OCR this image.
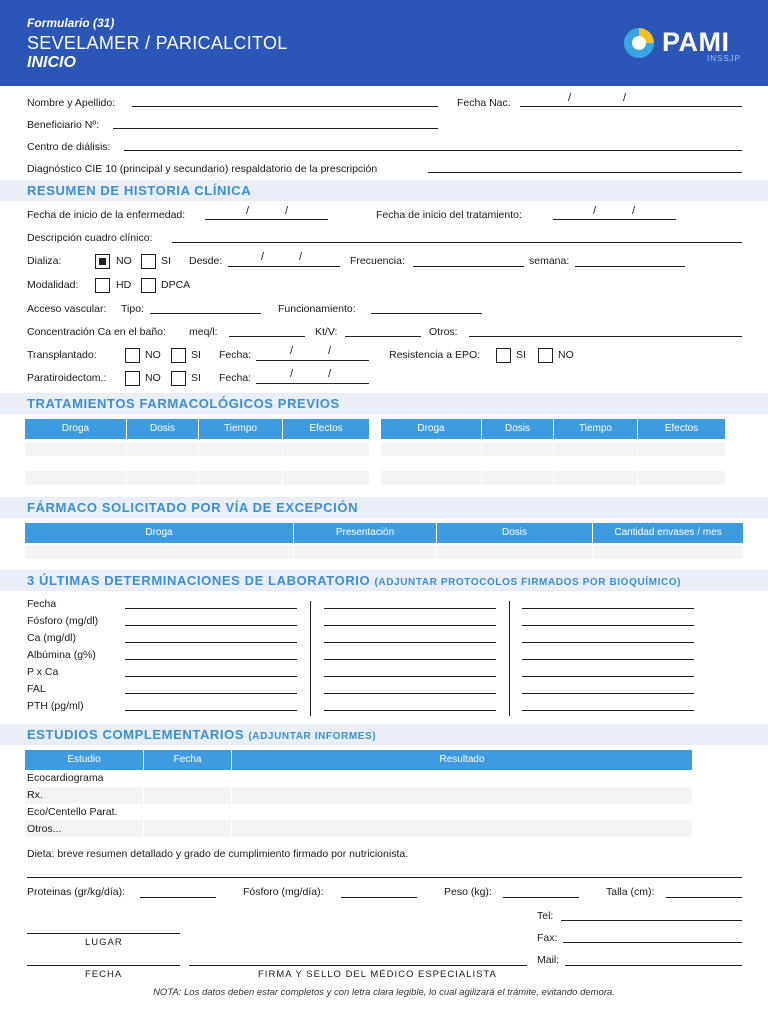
Formulario (31)
SEVELAMER / PARICALCITOL
INICIO
PAMI
INSSJP
Nombre y Apellido:	Fecha Nac.	/	/
Beneficiario Nº:
Centro de diálisis:
Diagnóstico CIE 10 (principal y secundario) respaldatorio de la prescripción
RESUMEN DE HISTORIA CLÍNICA
Fecha de inicio de la enfermedad:	/	/	Fecha de inicio del tratamiento:	/	/
Descripción cuadro clínico:
Dializa:	NO	SI Desde:	/	/	Frecuencia:	semana:
Modalidad:	HD	DPCA
Acceso vascular: Tipo:	Funcionamiento:
Concentración Ca en el baño: meq/l:	Kt/V:	Otros:
Transplantado:	NO	SI Fecha:	/	/	Resistencia a EPO:	SI	NO
Paratiroidectom.:	NO	SI Fecha:	/	/
TRATAMIENTOS FARMACOLÓGICOS PREVIOS
Droga	Dosis	Tiempo	Efectos	Droga	Dosis	Tiempo	Efectos
FÁRMACO SOLICITADO POR VÍA DE EXCEPCIÓN
Droga	Presentación	Dosis	Cantidad envases / mes
3 ÚLTIMAS DETERMINACIONES DE LABORATORIO (ADJUNTAR PROTOCOLOS FIRMADOS POR BIOQUÍMICO)
Fecha
Fósforo (mg/dl)
Ca (mg/dl)
Albúmina (g%)
P x Ca
FAL
PTH (pg/ml)
ESTUDIOS COMPLEMENTARIOS (ADJUNTAR INFORMES)
Estudio	Fecha	Resultado
Ecocardiograma
Rx.
Eco/Centello Parat.
Otros...
Dieta: breve resumen detallado y grado de cumplimiento firmado por nutricionista.
Proteinas (gr/kg/día):	Fósforo (mg/día):	Peso (kg):	Talla (cm):
Tel:
Fax:
Mail:
LUGAR
FECHA	FIRMA Y SELLO DEL MÉDICO ESPECIALISTA
NOTA: Los datos deben estar completos y con letra clara legible, lo cual agilizará el trámite, evitando demora.
